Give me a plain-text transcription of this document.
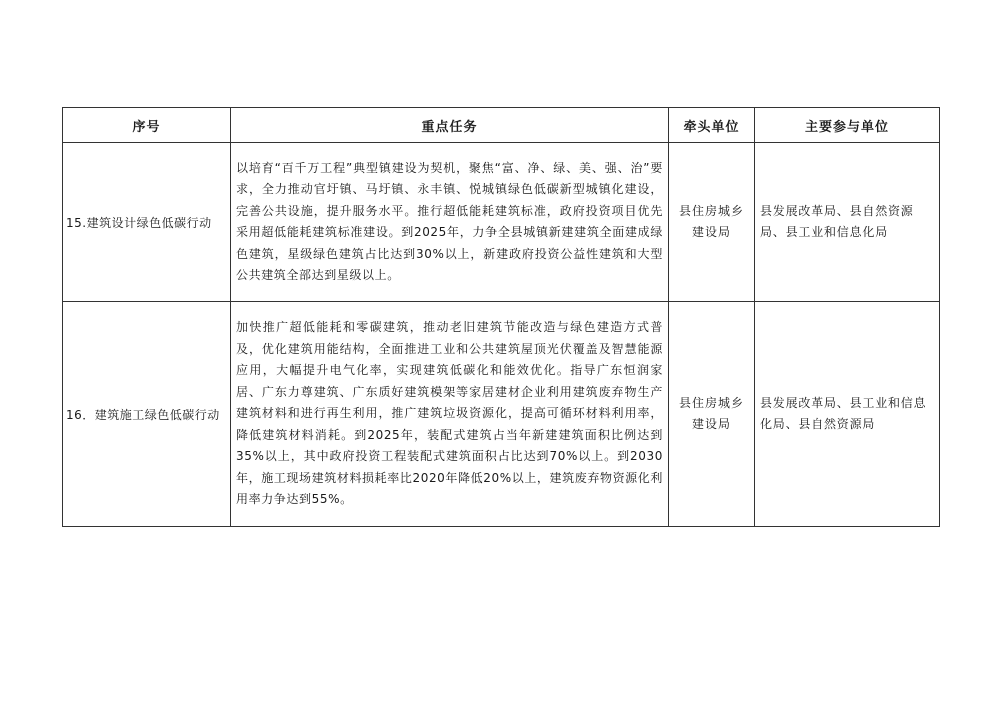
序号	重点任务	牵头单位	主要参与单位
15.建筑设计绿色低碳行动	以培育“百千万工程”典型镇建设为契机，聚焦“富、净、绿、美、强、治”要求，全力推动官圩镇、马圩镇、永丰镇、悦城镇绿色低碳新型城镇化建设，完善公共设施，提升服务水平。推行超低能耗建筑标准，政府投资项目优先采用超低能耗建筑标准建设。到2025年，力争全县城镇新建建筑全面建成绿色建筑，星级绿色建筑占比达到30%以上，新建政府投资公益性建筑和大型公共建筑全部达到星级以上。	县住房城乡建设局	县发展改革局、县自然资源局、县工业和信息化局
16．建筑施工绿色低碳行动	加快推广超低能耗和零碳建筑，推动老旧建筑节能改造与绿色建造方式普及，优化建筑用能结构，全面推进工业和公共建筑屋顶光伏覆盖及智慧能源应用，大幅提升电气化率，实现建筑低碳化和能效优化。指导广东恒润家居、广东力尊建筑、广东质好建筑模架等家居建材企业利用建筑废弃物生产建筑材料和进行再生利用，推广建筑垃圾资源化，提高可循环材料利用率，降低建筑材料消耗。到2025年，装配式建筑占当年新建建筑面积比例达到35%以上，其中政府投资工程装配式建筑面积占比达到70%以上。到2030年，施工现场建筑材料损耗率比2020年降低20%以上，建筑废弃物资源化利用率力争达到55%。	县住房城乡建设局	县发展改革局、县工业和信息化局、县自然资源局
